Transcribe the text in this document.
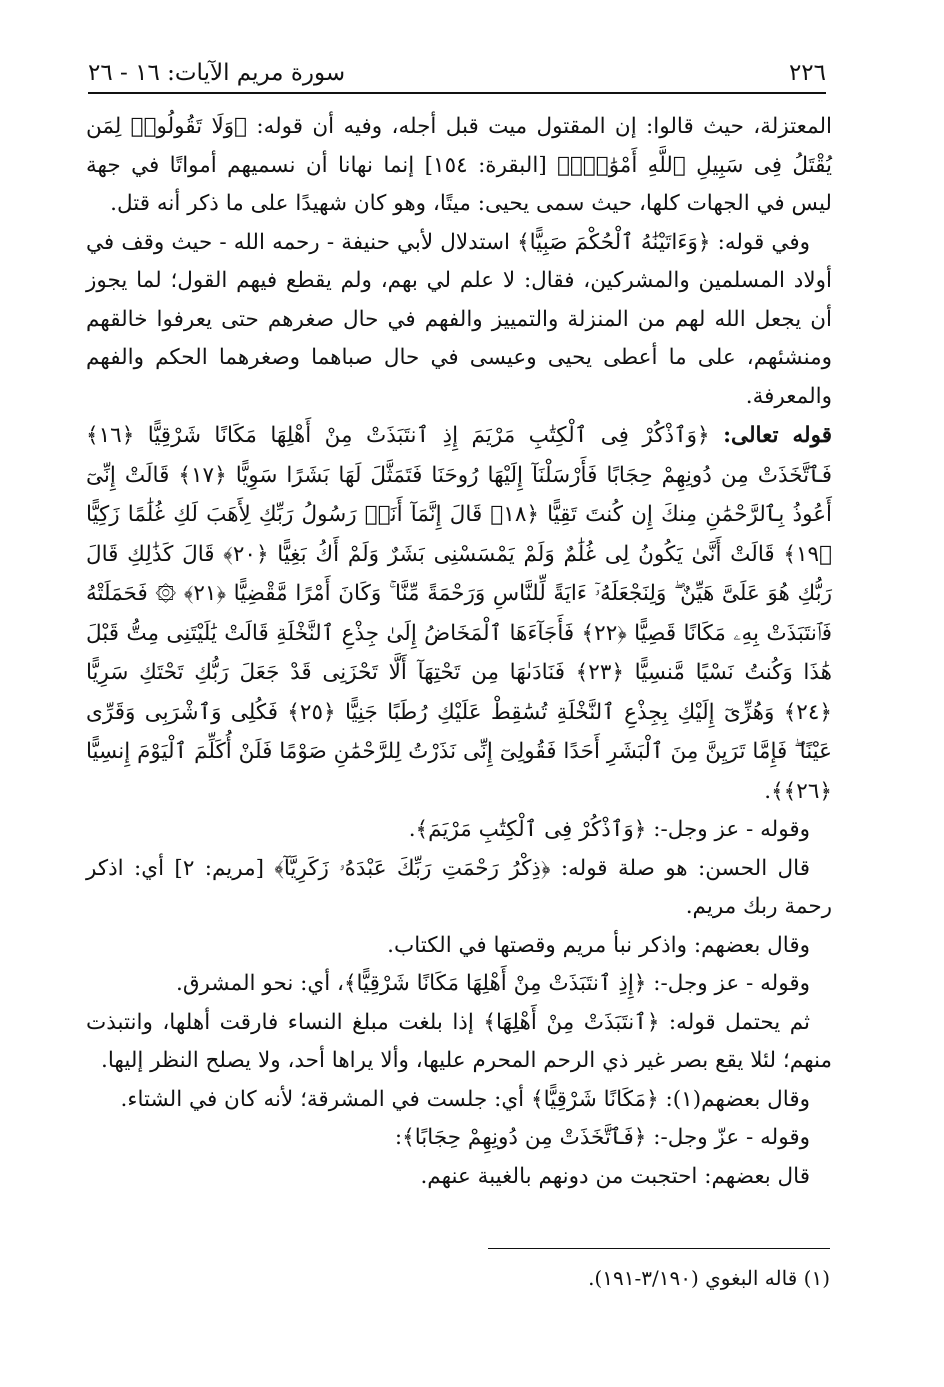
٢٢٦
سورة مريم الآيات: ١٦ - ٢٦

المعتزلة، حيث قالوا: إن المقتول ميت قبل أجله، وفيه أن قوله: ﴿وَلَا تَقُولُوا۟ لِمَن يُقْتَلُ فِى سَبِيلِ ٱللَّهِ أَمْوَٰتٌۢ﴾ [البقرة: ١٥٤] إنما نهانا أن نسميهم أمواتًا في جهة ليس في الجهات كلها، حيث سمى يحيى: ميتًا، وهو كان شهيدًا على ما ذكر أنه قتل.

وفي قوله: ﴿وَءَاتَيْنَٰهُ ٱلْحُكْمَ صَبِيًّا﴾ استدلال لأبي حنيفة - رحمه الله - حيث وقف في أولاد المسلمين والمشركين، فقال: لا علم لي بهم، ولم يقطع فيهم القول؛ لما يجوز أن يجعل الله لهم من المنزلة والتمييز والفهم في حال صغرهم حتى يعرفوا خالقهم ومنشئهم، على ما أعطى يحيى وعيسى في حال صباهما وصغرهما الحكم والفهم والمعرفة.

قوله تعالى: ﴿وَٱذْكُرْ فِى ٱلْكِتَٰبِ مَرْيَمَ إِذِ ٱنتَبَذَتْ مِنْ أَهْلِهَا مَكَانًا شَرْقِيًّا ﴿١٦﴾ فَٱتَّخَذَتْ مِن دُونِهِمْ حِجَابًا فَأَرْسَلْنَآ إِلَيْهَا رُوحَنَا فَتَمَثَّلَ لَهَا بَشَرًا سَوِيًّا ﴿١٧﴾ قَالَتْ إِنِّىٓ أَعُوذُ بِٱلرَّحْمَٰنِ مِنكَ إِن كُنتَ تَقِيًّا ﴿١٨﴾ قَالَ إِنَّمَآ أَنَا۠ رَسُولُ رَبِّكِ لِأَهَبَ لَكِ غُلَٰمًا زَكِيًّا ﴿١٩﴾ قَالَتْ أَنَّىٰ يَكُونُ لِى غُلَٰمٌ وَلَمْ يَمْسَسْنِى بَشَرٌ وَلَمْ أَكُ بَغِيًّا ﴿٢٠﴾ قَالَ كَذَٰلِكِ قَالَ رَبُّكِ هُوَ عَلَىَّ هَيِّنٌ ۖ وَلِنَجْعَلَهُۥٓ ءَايَةً لِّلنَّاسِ وَرَحْمَةً مِّنَّا ۚ وَكَانَ أَمْرًا مَّقْضِيًّا ﴿٢١﴾ ۞ فَحَمَلَتْهُ فَٱنتَبَذَتْ بِهِۦ مَكَانًا قَصِيًّا ﴿٢٢﴾ فَأَجَآءَهَا ٱلْمَخَاضُ إِلَىٰ جِذْعِ ٱلنَّخْلَةِ قَالَتْ يَٰلَيْتَنِى مِتُّ قَبْلَ هَٰذَا وَكُنتُ نَسْيًا مَّنسِيًّا ﴿٢٣﴾ فَنَادَىٰهَا مِن تَحْتِهَآ أَلَّا تَحْزَنِى قَدْ جَعَلَ رَبُّكِ تَحْتَكِ سَرِيًّا ﴿٢٤﴾ وَهُزِّىٓ إِلَيْكِ بِجِذْعِ ٱلنَّخْلَةِ تُسَٰقِطْ عَلَيْكِ رُطَبًا جَنِيًّا ﴿٢٥﴾ فَكُلِى وَٱشْرَبِى وَقَرِّى عَيْنًا ۖ فَإِمَّا تَرَيِنَّ مِنَ ٱلْبَشَرِ أَحَدًا فَقُولِىٓ إِنِّى نَذَرْتُ لِلرَّحْمَٰنِ صَوْمًا فَلَنْ أُكَلِّمَ ٱلْيَوْمَ إِنسِيًّا ﴿٢٦﴾﴾.

وقوله - عز وجل-: ﴿وَٱذْكُرْ فِى ٱلْكِتَٰبِ مَرْيَمَ﴾.

قال الحسن: هو صلة قوله: ﴿ذِكْرُ رَحْمَتِ رَبِّكَ عَبْدَهُۥ زَكَرِيَّآ﴾ [مريم: ٢] أي: اذكر رحمة ربك مريم.

وقال بعضهم: واذكر نبأ مريم وقصتها في الكتاب.

وقوله - عز وجل-: ﴿إِذِ ٱنتَبَذَتْ مِنْ أَهْلِهَا مَكَانًا شَرْقِيًّا﴾، أي: نحو المشرق.

ثم يحتمل قوله: ﴿ٱنتَبَذَتْ مِنْ أَهْلِهَا﴾ إذا بلغت مبلغ النساء فارقت أهلها، وانتبذت منهم؛ لئلا يقع بصر غير ذي الرحم المحرم عليها، وألا يراها أحد، ولا يصلح النظر إليها.

وقال بعضهم(١): ﴿مَكَانًا شَرْقِيًّا﴾ أي: جلست في المشرقة؛ لأنه كان في الشتاء.

وقوله - عزّ وجل-: ﴿فَٱتَّخَذَتْ مِن دُونِهِمْ حِجَابًا﴾:

قال بعضهم: احتجبت من دونهم بالغيبة عنهم.

(١) قاله البغوي (٣/١٩٠-١٩١).
